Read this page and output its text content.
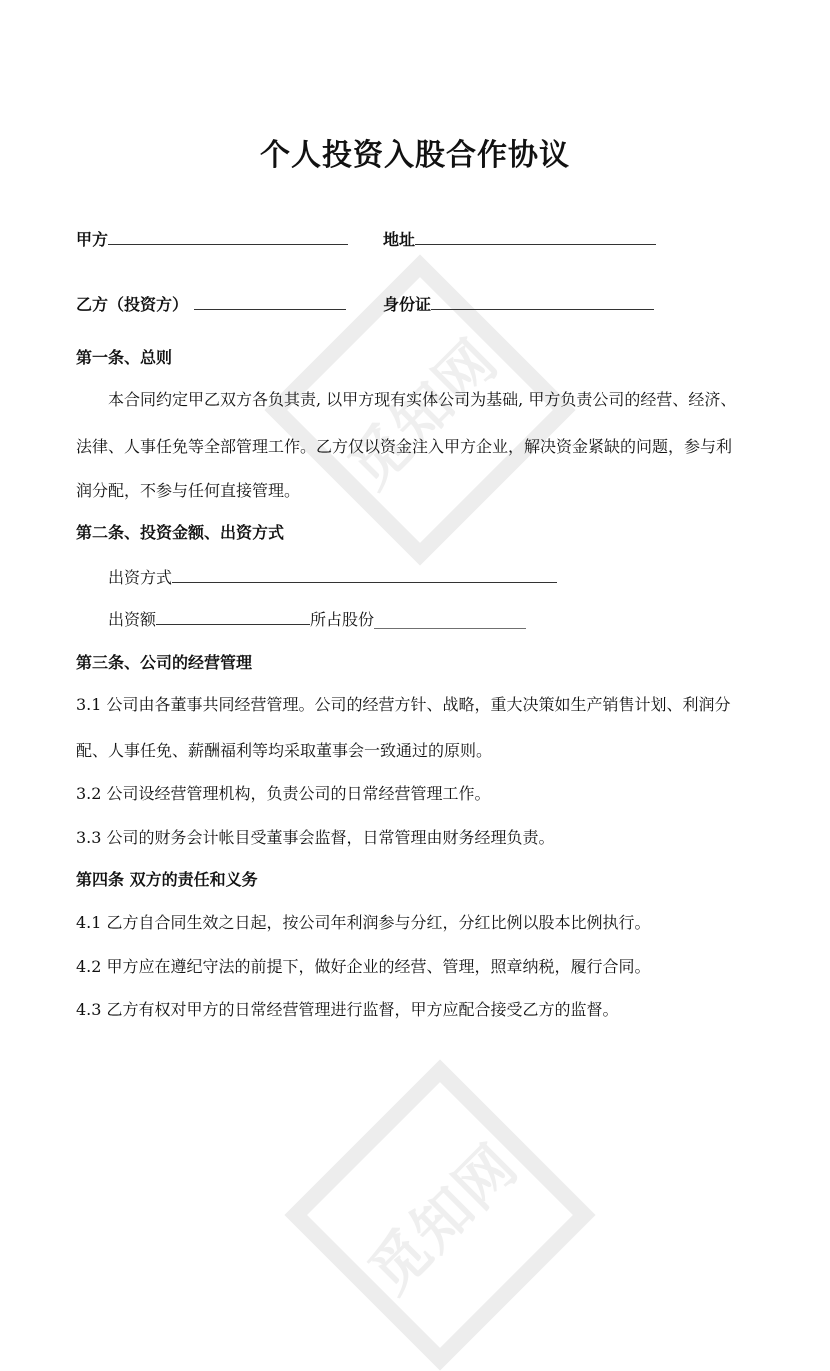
觅知网
觅知网
个人投资入股合作协议
甲方	地址
乙方（投资方）	身份证
第一条、总则
本合同约定甲乙双方各负其责, 以甲方现有实体公司为基础, 甲方负责公司的经营、经济、
法律、人事任免等全部管理工作。乙方仅以资金注入甲方企业，解决资金紧缺的问题，参与利
润分配，不参与任何直接管理。
第二条、投资金额、出资方式
出资方式
出资额	所占股份___________________
第三条、公司的经营管理
3.1 公司由各董事共同经营管理。公司的经营方针、战略，重大决策如生产销售计划、利润分
配、人事任免、薪酬福利等均采取董事会一致通过的原则。
3.2 公司设经营管理机构，负责公司的日常经营管理工作。
3.3 公司的财务会计帐目受董事会监督，日常管理由财务经理负责。
第四条 双方的责任和义务
4.1 乙方自合同生效之日起，按公司年利润参与分红，分红比例以股本比例执行。
4.2 甲方应在遵纪守法的前提下，做好企业的经营、管理，照章纳税，履行合同。
4.3 乙方有权对甲方的日常经营管理进行监督，甲方应配合接受乙方的监督。
